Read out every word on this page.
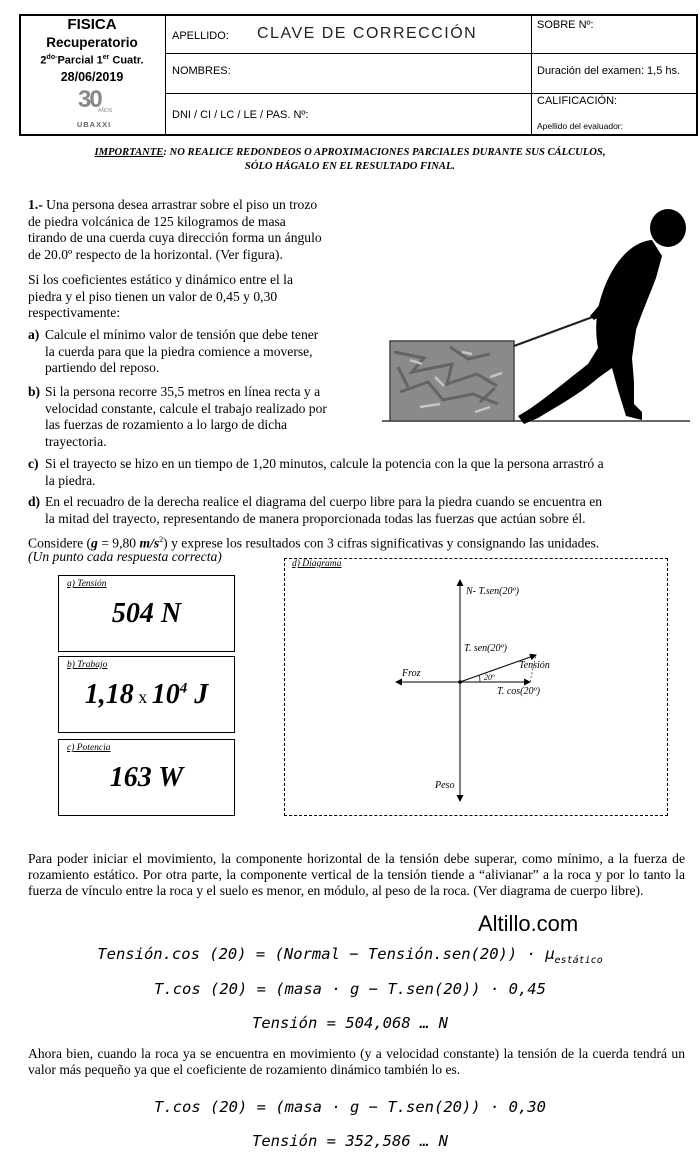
FISICA
Recuperatorio
$2^{do-}Parcial$ 1er Cuatr.
28/06/2019
30
AÑOS
UBAXXI
APELLIDO: CLAVE DE CORRECCIÓN
NOMBRES:
DNI / CI / LC / LE / PAS. Nº:
SOBRE Nº:
Duración del examen: 1,5 hs.
CALIFICACIÓN:
Apellido del evaluador:
IMPORTANTE: NO REALICE REDONDEOS O APROXIMACIONES PARCIALES DURANTE SUS CÁLCULOS,
SÓLO HÁGALO EN EL RESULTADO FINAL.
1.- Una persona desea arrastrar sobre el piso un trozo
de piedra volcánica de 125 kilogramos de masa
tirando de una cuerda cuya dirección forma un ángulo
de 20.0º respecto de la horizontal. (Ver figura).
Si los coeficientes estático y dinámico entre el la
piedra y el piso tienen un valor de 0,45 y 0,30
respectivamente:
a) Calcule el mínimo valor de tensión que debe tener
la cuerda para que la piedra comience a moverse,
partiendo del reposo.
b) Si la persona recorre 35,5 metros en línea recta y a
velocidad constante, calcule el trabajo realizado por
las fuerzas de rozamiento a lo largo de dicha
trayectoria.
c) Si el trayecto se hizo en un tiempo de 1,20 minutos, calcule la potencia con la que la persona arrastró a
la piedra.
d) En el recuadro de la derecha realice el diagrama del cuerpo libre para la piedra cuando se encuentra en
la mitad del trayecto, representando de manera proporcionada todas las fuerzas que actúan sobre él.
Considere (g = 9,80 $m/s^2$) y exprese los resultados con 3 cifras significativas y consignando las unidades.
(Un punto cada respuesta correcta)
a) Tensión
504 N
b) Trabajo
1,18 x $10^4$ J
c) Potencia
163 W
d) Diagrama
N- T.sen(20º)
T. sen(20º)
Tensión
Froz	20º
T. cos(20º)
Peso
Para poder iniciar el movimiento, la componente horizontal de la tensión debe superar, como mínimo, a la fuerza de rozamiento estático. Por otra parte, la componente vertical de la tensión tiende a “alivianar” a la roca y por lo tanto la fuerza de vínculo entre la roca y el suelo es menor, en módulo, al peso de la roca. (Ver diagrama de cuerpo libre).
Altillo.com
Tensión.cos (20) = (Normal − Tensión.sen(20)) · $\mu_{estático}$
T.cos (20) = (masa · g − T.sen(20)) · 0,45
Tensión = 504,068 … N
Ahora bien, cuando la roca ya se encuentra en movimiento (y a velocidad constante) la tensión de la cuerda tendrá un valor más pequeño ya que el coeficiente de rozamiento dinámico también lo es.
T.cos (20) = (masa · g − T.sen(20)) · 0,30
Tensión = 352,586 … N
